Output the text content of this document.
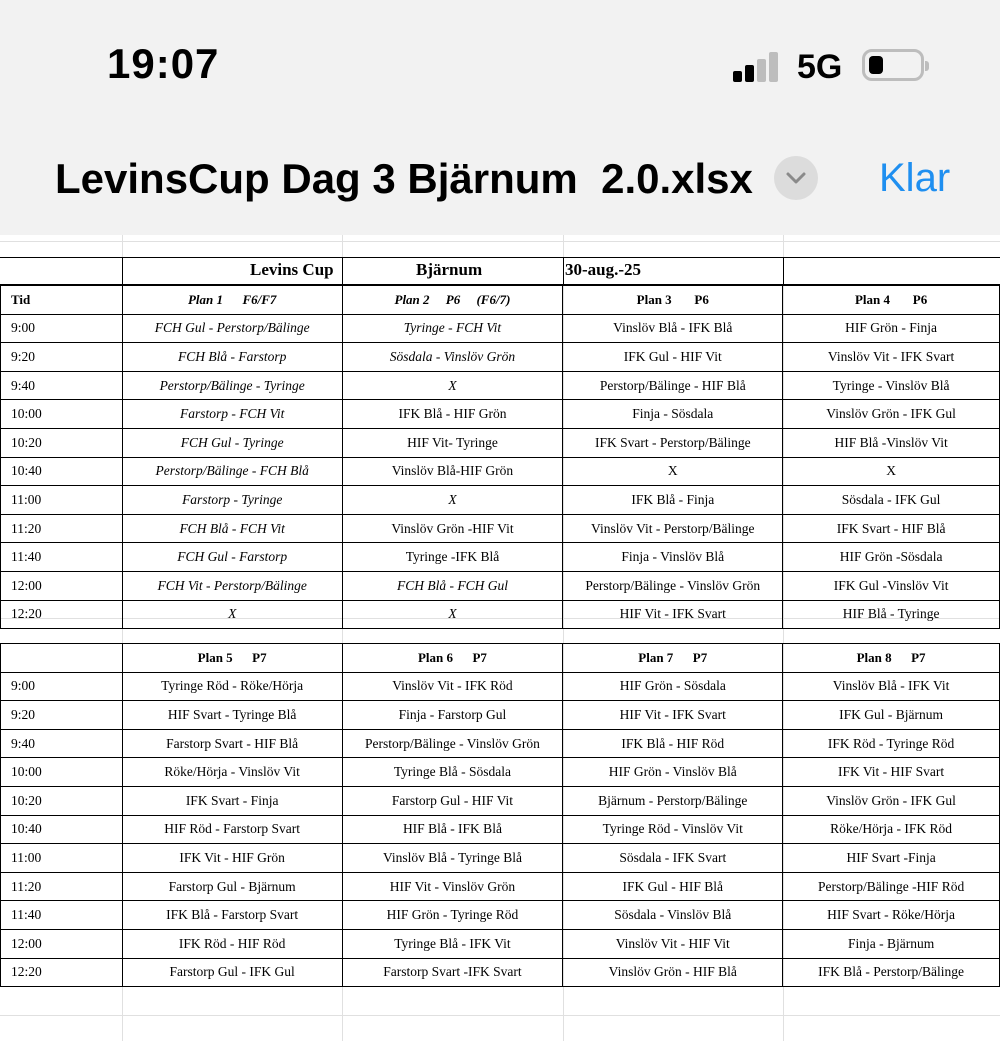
19:07	5G
LevinsCup Dag 3 Bjärnum  2.0.xlsx	Klar
Levins Cup	Bjärnum	30-aug.-25
Tid	Plan 1      F6/F7	Plan 2     P6     (F6/7)	Plan 3       P6	Plan 4       P6
9:00	FCH Gul - Perstorp/Bälinge	Tyringe - FCH Vit	Vinslöv Blå - IFK Blå	HIF Grön - Finja
9:20	FCH Blå - Farstorp	Sösdala - Vinslöv Grön	IFK Gul - HIF Vit	Vinslöv Vit - IFK Svart
9:40	Perstorp/Bälinge - Tyringe	X	Perstorp/Bälinge - HIF Blå	Tyringe - Vinslöv Blå
10:00	Farstorp - FCH Vit	IFK Blå - HIF Grön	Finja - Sösdala	Vinslöv Grön - IFK Gul
10:20	FCH Gul - Tyringe	HIF Vit- Tyringe	IFK Svart - Perstorp/Bälinge	HIF Blå -Vinslöv Vit
10:40	Perstorp/Bälinge - FCH Blå	Vinslöv Blå-HIF Grön	X	X
11:00	Farstorp - Tyringe	X	IFK Blå - Finja	Sösdala - IFK Gul
11:20	FCH Blå - FCH Vit	Vinslöv Grön -HIF Vit	Vinslöv Vit - Perstorp/Bälinge	IFK Svart - HIF Blå
11:40	FCH Gul - Farstorp	Tyringe -IFK Blå	Finja - Vinslöv Blå	HIF Grön -Sösdala
12:00	FCH Vit - Perstorp/Bälinge	FCH Blå - FCH Gul	Perstorp/Bälinge - Vinslöv Grön	IFK Gul -Vinslöv Vit
12:20	X	X	HIF Vit - IFK Svart	HIF Blå - Tyringe
	Plan 5      P7	Plan 6      P7	Plan 7      P7	Plan 8      P7
9:00	Tyringe Röd - Röke/Hörja	Vinslöv Vit - IFK Röd	HIF Grön - Sösdala	Vinslöv Blå - IFK Vit
9:20	HIF Svart - Tyringe Blå	Finja - Farstorp Gul	HIF Vit - IFK Svart	IFK Gul - Bjärnum
9:40	Farstorp Svart - HIF Blå	Perstorp/Bälinge - Vinslöv Grön	IFK Blå - HIF Röd	IFK Röd - Tyringe Röd
10:00	Röke/Hörja - Vinslöv Vit	Tyringe Blå - Sösdala	HIF Grön - Vinslöv Blå	IFK Vit - HIF Svart
10:20	IFK Svart - Finja	Farstorp Gul - HIF Vit	Bjärnum - Perstorp/Bälinge	Vinslöv Grön - IFK Gul
10:40	HIF Röd - Farstorp Svart	HIF Blå - IFK Blå	Tyringe Röd - Vinslöv Vit	Röke/Hörja - IFK Röd
11:00	IFK Vit - HIF Grön	Vinslöv Blå - Tyringe Blå	Sösdala - IFK Svart	HIF Svart -Finja
11:20	Farstorp Gul - Bjärnum	HIF Vit - Vinslöv Grön	IFK Gul - HIF Blå	Perstorp/Bälinge -HIF Röd
11:40	IFK Blå - Farstorp Svart	HIF Grön - Tyringe Röd	Sösdala - Vinslöv Blå	HIF Svart - Röke/Hörja
12:00	IFK Röd - HIF Röd	Tyringe Blå - IFK Vit	Vinslöv Vit - HIF Vit	Finja - Bjärnum
12:20	Farstorp Gul - IFK Gul	Farstorp Svart -IFK Svart	Vinslöv Grön - HIF Blå	IFK Blå - Perstorp/Bälinge
